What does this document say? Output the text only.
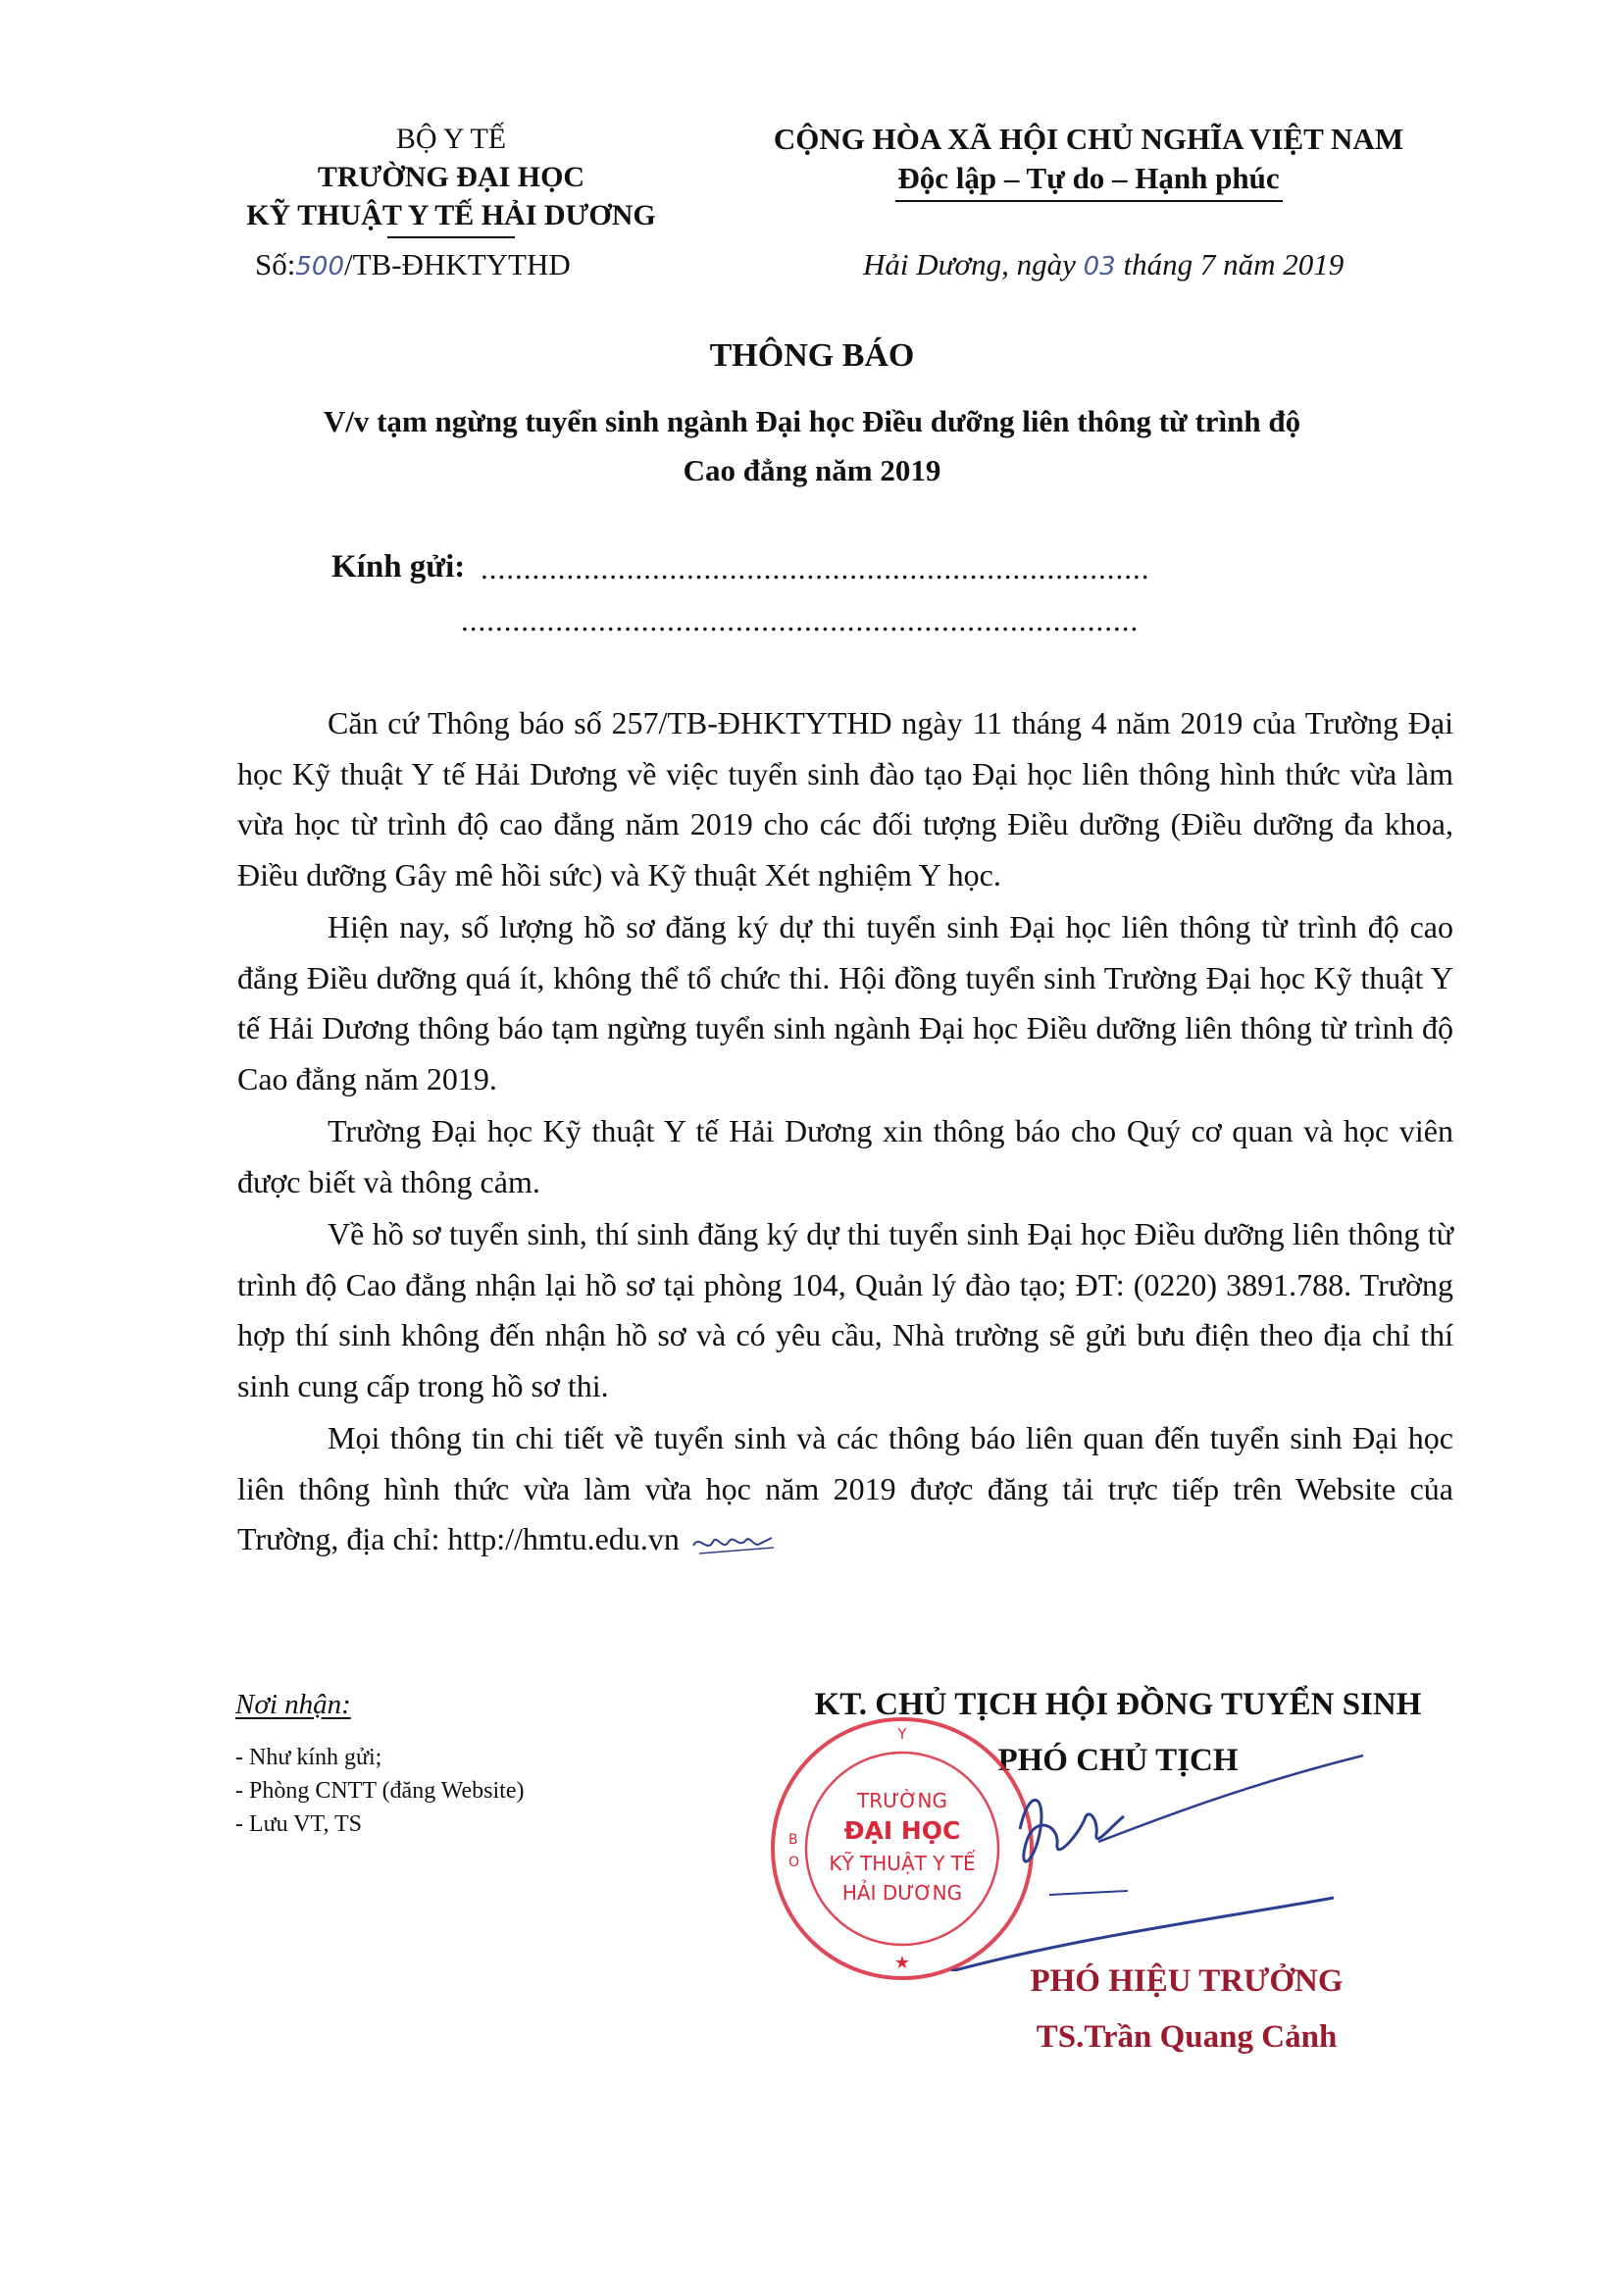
BỘ Y TẾ
TRƯỜNG ĐẠI HỌC
KỸ THUẬT Y TẾ HẢI DƯƠNG
Số:500/TB-ĐHKTYTHD
CỘNG HÒA XÃ HỘI CHỦ NGHĨA VIỆT NAM
Độc lập – Tự do – Hạnh phúc
Hải Dương, ngày 03 tháng 7 năm 2019
THÔNG BÁO
V/v tạm ngừng tuyển sinh ngành Đại học Điều dưỡng liên thông từ trình độ
Cao đẳng năm 2019
Kính gửi: ..............................................................................
...............................................................................

Căn cứ Thông báo số 257/TB-ĐHKTYTHD ngày 11 tháng 4 năm 2019 của Trường Đại học Kỹ thuật Y tế Hải Dương về việc tuyển sinh đào tạo Đại học liên thông hình thức vừa làm vừa học từ trình độ cao đẳng năm 2019 cho các đối tượng Điều dưỡng (Điều dưỡng đa khoa, Điều dưỡng Gây mê hồi sức) và Kỹ thuật Xét nghiệm Y học.

Hiện nay, số lượng hồ sơ đăng ký dự thi tuyển sinh Đại học liên thông từ trình độ cao đẳng Điều dưỡng quá ít, không thể tổ chức thi. Hội đồng tuyển sinh Trường Đại học Kỹ thuật Y tế Hải Dương thông báo tạm ngừng tuyển sinh ngành Đại học Điều dưỡng liên thông từ trình độ Cao đẳng năm 2019.

Trường Đại học Kỹ thuật Y tế Hải Dương xin thông báo cho Quý cơ quan và học viên được biết và thông cảm.

Về hồ sơ tuyển sinh, thí sinh đăng ký dự thi tuyển sinh Đại học Điều dưỡng liên thông từ trình độ Cao đẳng nhận lại hồ sơ tại phòng 104, Quản lý đào tạo; ĐT: (0220) 3891.788. Trường hợp thí sinh không đến nhận hồ sơ và có yêu cầu, Nhà trường sẽ gửi bưu điện theo địa chỉ thí sinh cung cấp trong hồ sơ thi.

Mọi thông tin chi tiết về tuyển sinh và các thông báo liên quan đến tuyển sinh Đại học liên thông hình thức vừa làm vừa học năm 2019 được đăng tải trực tiếp trên Website của Trường, địa chỉ: http://hmtu.edu.vn

Nơi nhận:
- Như kính gửi;
- Phòng CNTT (đăng Website)
- Lưu VT, TS
KT. CHỦ TỊCH HỘI ĐỒNG TUYỂN SINH
PHÓ CHỦ TỊCH
Y
B
O
★
TRƯỜNG
ĐẠI HỌC
KỸ THUẬT Y TẾ
HẢI DƯƠNG
PHÓ HIỆU TRƯỞNG
TS.Trần Quang Cảnh
